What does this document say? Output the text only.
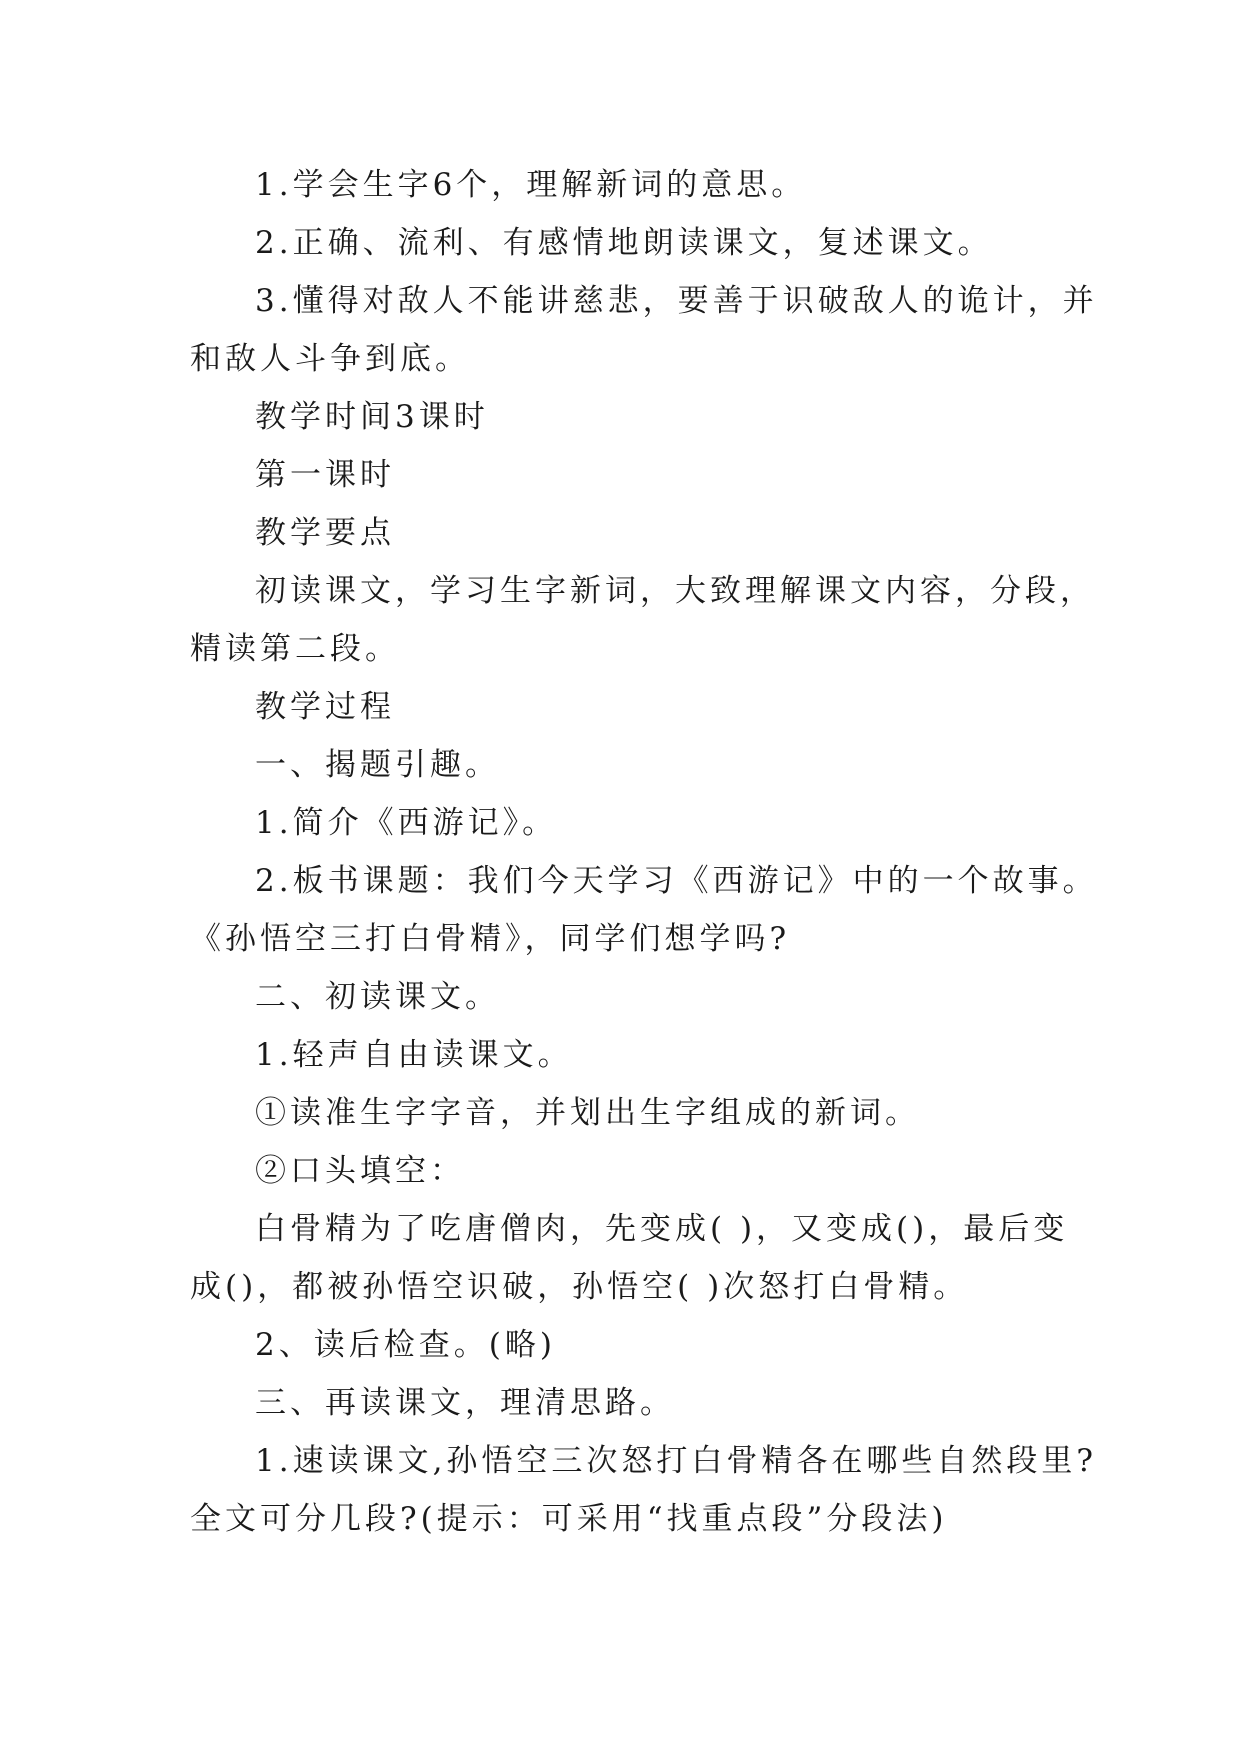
1.学会生字6个，理解新词的意思。
2.正确、流利、有感情地朗读课文，复述课文。
3.懂得对敌人不能讲慈悲，要善于识破敌人的诡计，并
和敌人斗争到底。
教学时间3课时
第一课时
教学要点
初读课文，学习生字新词，大致理解课文内容，分段，
精读第二段。
教学过程
一、揭题引趣。
1.简介《西游记》。
2.板书课题：我们今天学习《西游记》中的一个故事。
《孙悟空三打白骨精》，同学们想学吗?
二、初读课文。
1.轻声自由读课文。
①读准生字字音，并划出生字组成的新词。
②口头填空：
白骨精为了吃唐僧肉，先变成( )，又变成()，最后变
成()，都被孙悟空识破，孙悟空( )次怒打白骨精。
2、读后检查。(略)
三、再读课文，理清思路。
1.速读课文,孙悟空三次怒打白骨精各在哪些自然段里?
全文可分几段?(提示：可采用“找重点段”分段法)
